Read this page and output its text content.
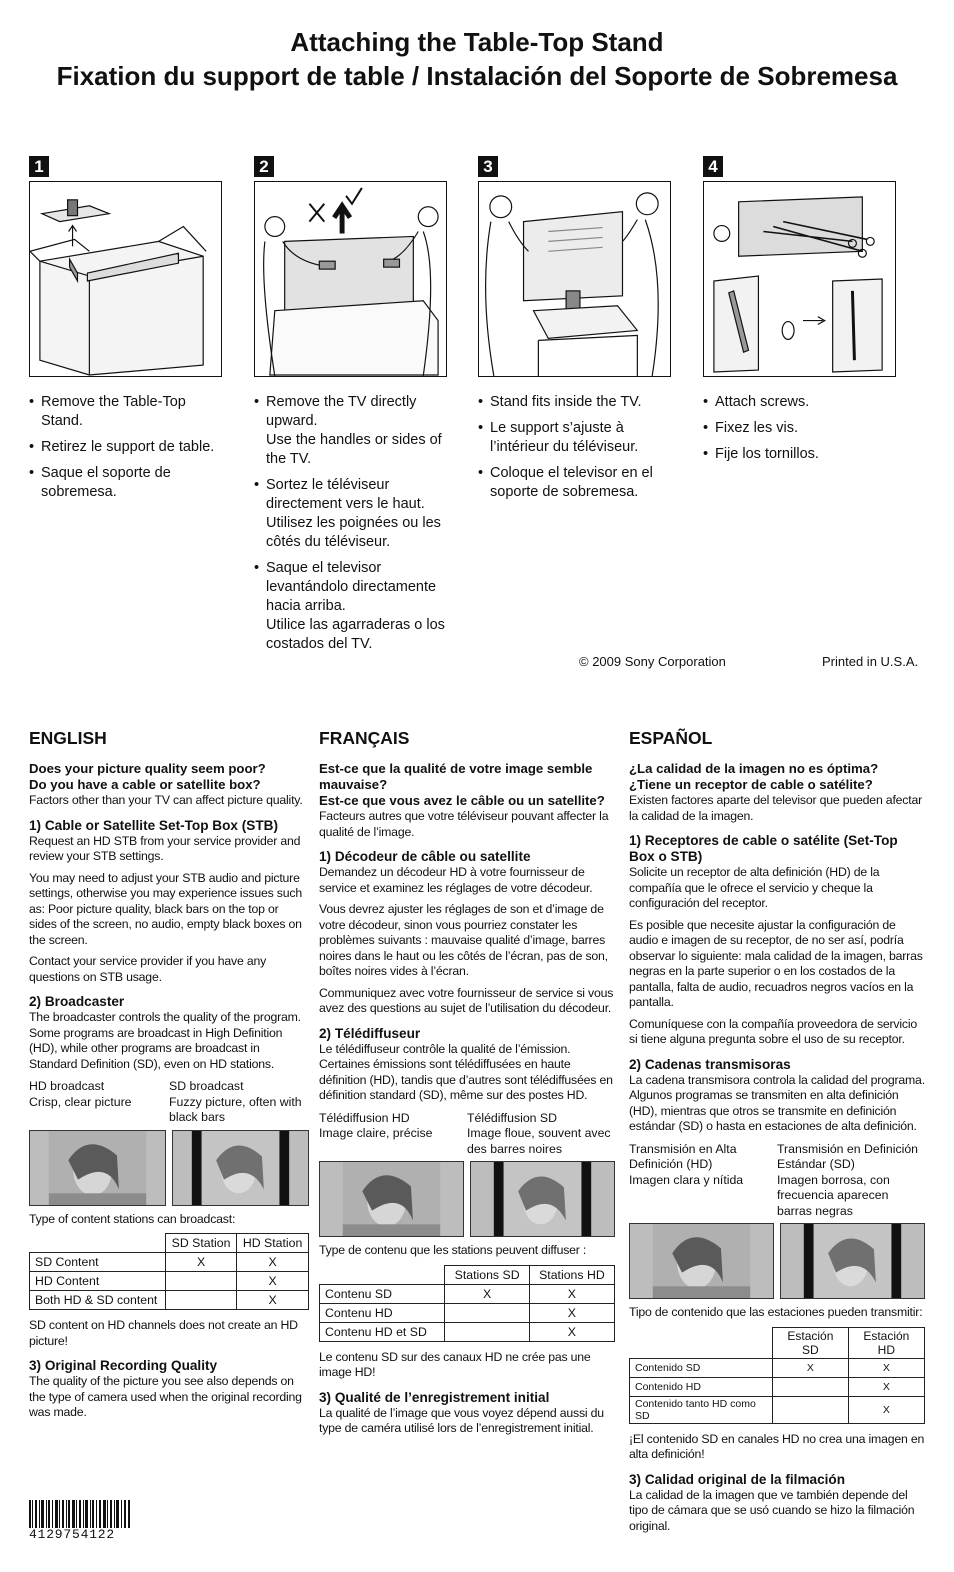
Attaching the Table-Top Stand
Fixation du support de table / Instalación del Soporte de Sobremesa
1	2	3	4
• Remove the Table-Top Stand.
• Retirez le support de table.
• Saque el soporte de sobremesa.
• Remove the TV directly upward.
Use the handles or sides of the TV.
• Sortez le téléviseur directement vers le haut. Utilisez les poignées ou les côtés du téléviseur.
• Saque el televisor levantándolo directamente hacia arriba.
Utilice las agarraderas o los costados del TV.
• Stand fits inside the TV.
• Le support s’ajuste à l’intérieur du téléviseur.
• Coloque el televisor en el soporte de sobremesa.
• Attach screws.
• Fixez les vis.
• Fije los tornillos.
© 2009 Sony Corporation	Printed in U.S.A.
ENGLISH
Does your picture quality seem poor?
Do you have a cable or satellite box?
Factors other than your TV can affect picture quality.
1) Cable or Satellite Set-Top Box (STB)
Request an HD STB from your service provider and review your STB settings.
You may need to adjust your STB audio and picture settings, otherwise you may experience issues such as: Poor picture quality, black bars on the top or sides of the screen, no audio, empty black boxes on the screen.
Contact your service provider if you have any questions on STB usage.
2) Broadcaster
The broadcaster controls the quality of the program. Some programs are broadcast in High Definition (HD), while other programs are broadcast in Standard Definition (SD), even on HD stations.
HD broadcast
Crisp, clear picture
SD broadcast
Fuzzy picture, often with black bars
Type of content stations can broadcast:
	SD Station	HD Station
SD Content	X	X
HD Content		X
Both HD & SD content		X
SD content on HD channels does not create an HD picture!
3) Original Recording Quality
The quality of the picture you see also depends on the type of camera used when the original recording was made.
FRANÇAIS
Est-ce que la qualité de votre image semble mauvaise?
Est-ce que vous avez le câble ou un satellite?
Facteurs autres que votre téléviseur pouvant affecter la qualité de l’image.
1) Décodeur de câble ou satellite
Demandez un décodeur HD à votre fournisseur de service et examinez les réglages de votre décodeur.
Vous devrez ajuster les réglages de son et d’image de votre décodeur, sinon vous pourriez constater les problèmes suivants : mauvaise qualité d’image, barres noires dans le haut ou les côtés de l’écran, pas de son, boîtes noires vides à l’écran.
Communiquez avec votre fournisseur de service si vous avez des questions au sujet de l’utilisation du décodeur.
2) Télédiffuseur
Le télédiffuseur contrôle la qualité de l’émission. Certaines émissions sont télédiffusées en haute définition (HD), tandis que d’autres sont télédiffusées en définition standard (SD), même sur des postes HD.
Télédiffusion HD
Image claire, précise
Télédiffusion SD
Image floue, souvent avec des barres noires
Type de contenu que les stations peuvent diffuser :
	Stations SD	Stations HD
Contenu SD	X	X
Contenu HD		X
Contenu HD et SD		X
Le contenu SD sur des canaux HD ne crée pas une image HD!
3) Qualité de l’enregistrement initial
La qualité de l’image que vous voyez dépend aussi du type de caméra utilisé lors de l’enregistrement initial.
ESPAÑOL
¿La calidad de la imagen no es óptima?
¿Tiene un receptor de cable o satélite?
Existen factores aparte del televisor que pueden afectar la calidad de la imagen.
1) Receptores de cable o satélite (Set-Top Box o STB)
Solicite un receptor de alta definición (HD) de la compañía que le ofrece el servicio y cheque la configuración del receptor.
Es posible que necesite ajustar la configuración de audio e imagen de su receptor, de no ser así, podría observar lo siguiente: mala calidad de la imagen, barras negras en la parte superior o en los costados de la pantalla, falta de audio, recuadros negros vacíos en la pantalla.
Comuníquese con la compañía proveedora de servicio si tiene alguna pregunta sobre el uso de su receptor.
2) Cadenas transmisoras
La cadena transmisora controla la calidad del programa. Algunos programas se transmiten en alta definición (HD), mientras que otros se transmite en definición estándar (SD) o hasta en estaciones de alta definición.
Transmisión en Alta Definición (HD)
Imagen clara y nítida
Transmisión en Definición Estándar (SD)
Imagen borrosa, con frecuencia aparecen barras negras
Tipo de contenido que las estaciones pueden transmitir:
	Estación SD	Estación HD
Contenido SD	X	X
Contenido HD		X
Contenido tanto HD como SD		X
¡El contenido SD en canales HD no crea una imagen en alta definición!
3) Calidad original de la filmación
La calidad de la imagen que ve también depende del tipo de cámara que se usó cuando se hizo la filmación original.
4129754122
